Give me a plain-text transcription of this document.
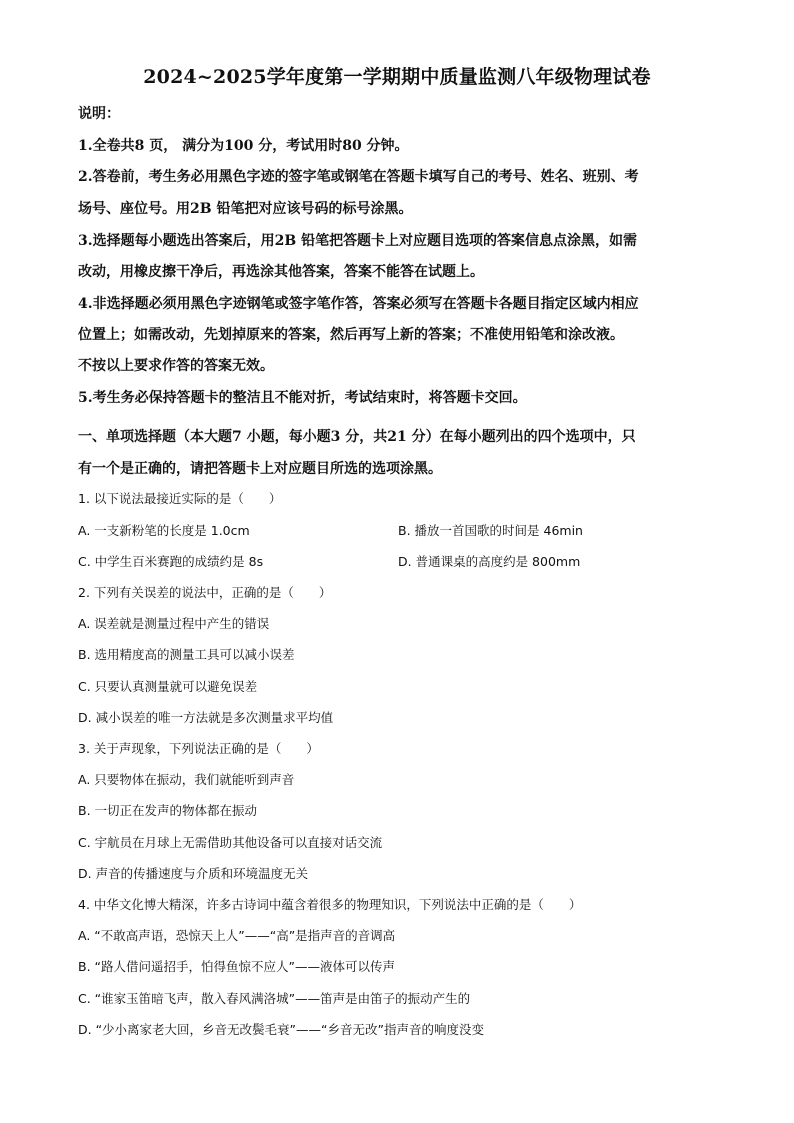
2024~2025学年度第一学期期中质量监测八年级物理试卷
说明：
1.全卷共8 页， 满分为100 分，考试用时80 分钟。
2.答卷前，考生务必用黑色字迹的签字笔或钢笔在答题卡填写自己的考号、姓名、班别、考
场号、座位号。用2B 铅笔把对应该号码的标号涂黑。
3.选择题每小题选出答案后，用2B 铅笔把答题卡上对应题目选项的答案信息点涂黑，如需
改动，用橡皮擦干净后，再选涂其他答案，答案不能答在试题上。
4.非选择题必须用黑色字迹钢笔或签字笔作答，答案必须写在答题卡各题目指定区域内相应
位置上；如需改动，先划掉原来的答案，然后再写上新的答案；不准使用铅笔和涂改液。
不按以上要求作答的答案无效。
5.考生务必保持答题卡的整洁且不能对折，考试结束时，将答题卡交回。
一、单项选择题（本大题7 小题，每小题3 分，共21 分）在每小题列出的四个选项中，只
有一个是正确的，请把答题卡上对应题目所选的选项涂黑。
1. 以下说法最接近实际的是（　　）
A. 一支新粉笔的长度是 1.0cm	B. 播放一首国歌的时间是 46min
C. 中学生百米赛跑的成绩约是 8s	D. 普通课桌的高度约是 800mm
2. 下列有关误差的说法中，正确的是（　　）
A. 误差就是测量过程中产生的错误
B. 选用精度高的测量工具可以减小误差
C. 只要认真测量就可以避免误差
D. 减小误差的唯一方法就是多次测量求平均值
3. 关于声现象，下列说法正确的是（　　）
A. 只要物体在振动，我们就能听到声音
B. 一切正在发声的物体都在振动
C. 宇航员在月球上无需借助其他设备可以直接对话交流
D. 声音的传播速度与介质和环境温度无关
4. 中华文化博大精深，许多古诗词中蕴含着很多的物理知识，下列说法中正确的是（　　）
A. “不敢高声语，恐惊天上人”——“高”是指声音的音调高
B. “路人借问遥招手，怕得鱼惊不应人”——液体可以传声
C. “谁家玉笛暗飞声，散入春风满洛城”——笛声是由笛子的振动产生的
D. “少小离家老大回，乡音无改鬓毛衰”——“乡音无改”指声音的响度没变
